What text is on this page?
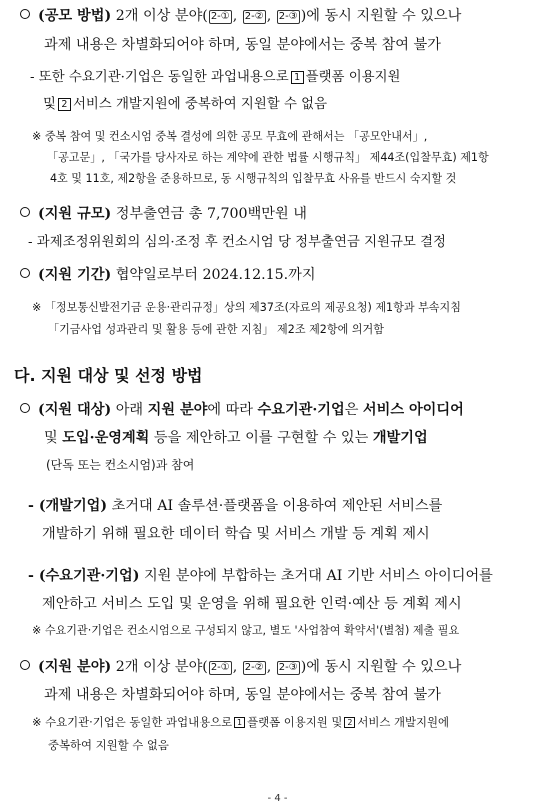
(공모 방법) 2개 이상 분야( 2-① , 2-② , 2-③ )에 동시 지원할 수 있으나
과제 내용은 차별화되어야 하며, 동일 분야에서는 중복 참여 불가
- 또한 수요기관·기업은 동일한 과업내용으로 1 플랫폼 이용지원
및 2 서비스 개발지원에 중복하여 지원할 수 없음
※ 중복 참여 및 컨소시엄 중복 결성에 의한 공모 무효에 관해서는 「공모안내서」,
「공고문」, 「국가를 당사자로 하는 계약에 관한 법률 시행규칙」 제44조(입찰무효) 제1항
4호 및 11호, 제2항을 준용하므로, 동 시행규칙의 입찰무효 사유를 반드시 숙지할 것
(지원 규모) 정부출연금 총 7,700백만원 내
- 과제조정위원회의 심의·조정 후 컨소시엄 당 정부출연금 지원규모 결정
(지원 기간) 협약일로부터 2024.12.15.까지
※ 「정보통신발전기금 운용·관리규정」상의 제37조(자료의 제공요청) 제1항과 부속지침
「기금사업 성과관리 및 활용 등에 관한 지침」 제2조 제2항에 의거함
다. 지원 대상 및 선정 방법
(지원 대상) 아래 지원 분야에 따라 수요기관·기업은 서비스 아이디어
및 도입·운영계획 등을 제안하고 이를 구현할 수 있는 개발기업
(단독 또는 컨소시엄)과 참여
- (개발기업) 초거대 AI 솔루션·플랫폼을 이용하여 제안된 서비스를
개발하기 위해 필요한 데이터 학습 및 서비스 개발 등 계획 제시
- (수요기관·기업) 지원 분야에 부합하는 초거대 AI 기반 서비스 아이디어를
제안하고 서비스 도입 및 운영을 위해 필요한 인력·예산 등 계획 제시
※ 수요기관·기업은 컨소시엄으로 구성되지 않고, 별도 '사업참여 확약서'(별첨) 제출 필요
(지원 분야) 2개 이상 분야( 2-① , 2-② , 2-③ )에 동시 지원할 수 있으나
과제 내용은 차별화되어야 하며, 동일 분야에서는 중복 참여 불가
※ 수요기관·기업은 동일한 과업내용으로 1 플랫폼 이용지원 및 2 서비스 개발지원에
중복하여 지원할 수 없음
- 4 -
